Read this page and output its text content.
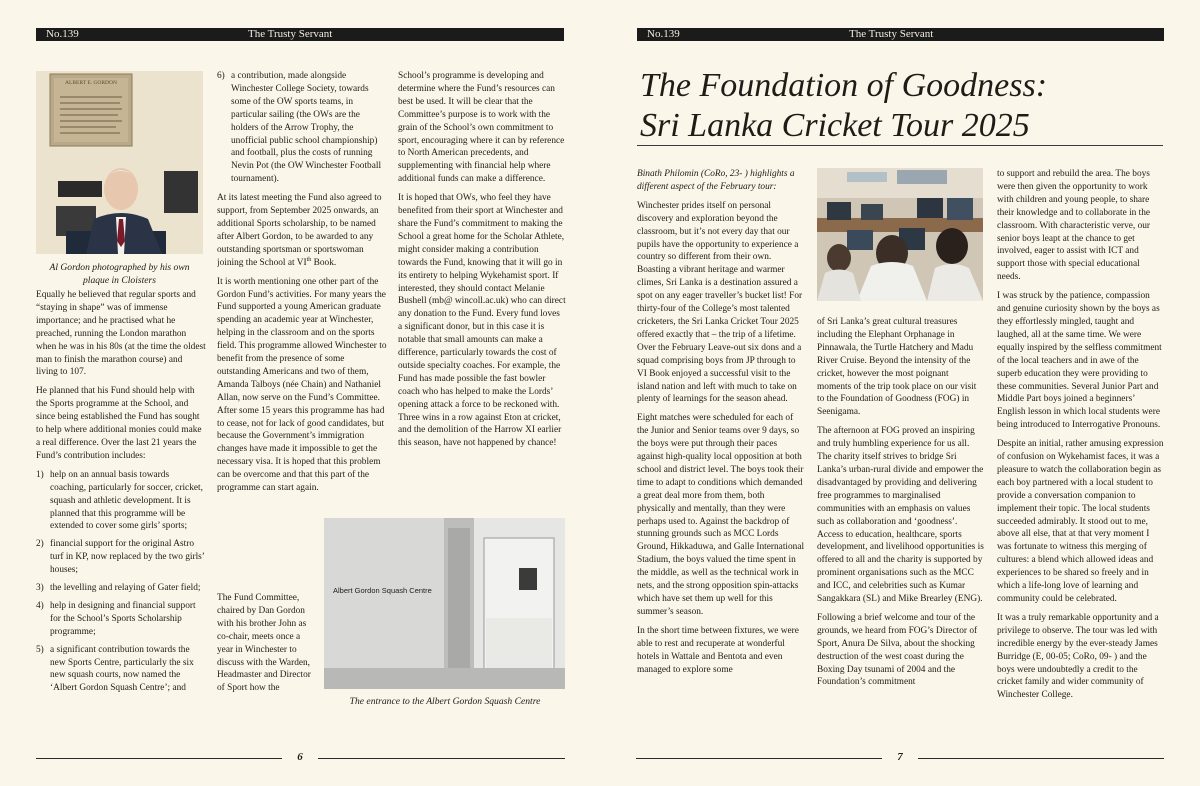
No.139	The Trusty Servant
Al Gordon photographed by his own
plaque in Cloisters
ALBERT E. GORDON

Equally he believed that regular sports and “staying in shape” was of immense importance; and he practised what he preached, running the London marathon when he was in his 80s (at the time the oldest man to finish the marathon course) and living to 107.

He planned that his Fund should help with the Sports programme at the School, and since being established the Fund has sought to help where additional monies could make a real difference. Over the last 21 years the Fund’s contribution includes:

1) help on an annual basis towards coaching, particularly for soccer, cricket, squash and athletic development. It is planned that this programme will be extended to cover some girls’ sports;
2) financial support for the original Astro turf in KP, now replaced by the two girls’ houses;
3) the levelling and relaying of Gater field;
4) help in designing and financial support for the School’s Sports Scholarship programme;
5) a significant contribution towards the new Sports Centre, particularly the six new squash courts, now named the ‘Albert Gordon Squash Centre’; and
6) a contribution, made alongside Winchester College Society, towards some of the OW sports teams, in particular sailing (the OWs are the holders of the Arrow Trophy, the unofficial public school championship) and football, plus the costs of running Nevin Pot (the OW Winchester Football tournament).

At its latest meeting the Fund also agreed to support, from September 2025 onwards, an additional Sports scholarship, to be named after Albert Gordon, to be awarded to any outstanding sportsman or sportswoman joining the School at VIth Book.

It is worth mentioning one other part of the Gordon Fund’s activities. For many years the Fund supported a young American graduate spending an academic year at Winchester, helping in the classroom and on the sports field. This programme allowed Winchester to benefit from the presence of some outstanding Americans and two of them, Amanda Talboys (née Chain) and Nathaniel Allan, now serve on the Fund’s Committee. After some 15 years this programme has had to cease, not for lack of good candidates, but because the Government’s immigration changes have made it impossible to get the necessary visa. It is hoped that this problem can be overcome and that this part of the programme can start again.

The Fund Committee, chaired by Dan Gordon with his brother John as co-chair, meets once a year in Winchester to discuss with the Warden, Headmaster and Director of Sport how the

School’s programme is developing and determine where the Fund’s resources can best be used. It will be clear that the Committee’s purpose is to work with the grain of the School’s own commitment to sport, encouraging where it can by reference to North American precedents, and supplementing with financial help where additional funds can make a difference.

It is hoped that OWs, who feel they have benefited from their sport at Winchester and share the Fund’s commitment to making the School a great home for the Scholar Athlete, might consider making a contribution towards the Fund, knowing that it will go in its entirety to helping Wykehamist sport. If interested, they should contact Melanie Bushell (mb@ wincoll.ac.uk) who can direct any donation to the Fund. Every fund loves a significant donor, but in this case it is notable that small amounts can make a difference, particularly towards the cost of outside specialty coaches. For example, the Fund has made possible the fast bowler coach who has helped to make the Lords’ opening attack a force to be reckoned with. Three wins in a row against Eton at cricket, and the demolition of the Harrow XI earlier this season, have not happened by chance!

Albert Gordon Squash Centre
The entrance to the Albert Gordon Squash Centre
6
No.139	The Trusty Servant
The Foundation of Goodness:
Sri Lanka Cricket Tour 2025

Binath Philomin (CoRo, 23- ) highlights a different aspect of the February tour:

Winchester prides itself on personal discovery and exploration beyond the classroom, but it’s not every day that our pupils have the opportunity to experience a country so different from their own. Boasting a vibrant heritage and warmer climes, Sri Lanka is a destination assured a spot on any eager traveller’s bucket list! For thirty-four of the College’s most talented cricketers, the Sri Lanka Cricket Tour 2025 offered exactly that – the trip of a lifetime. Over the February Leave-out six dons and a squad comprising boys from JP through to VI Book enjoyed a successful visit to the island nation and left with much to take on plenty of learnings for the season ahead.

Eight matches were scheduled for each of the Junior and Senior teams over 9 days, so the boys were put through their paces against high-quality local opposition at both school and district level. The boys took their time to adapt to conditions which demanded a great deal more from them, both physically and mentally, than they were perhaps used to. Against the backdrop of stunning grounds such as MCC Lords Ground, Hikkaduwa, and Galle International Stadium, the boys valued the time spent in the middle, as well as the technical work in nets, and the strong opposition spin-attacks which have set them up well for this summer’s season.

In the short time between fixtures, we were able to rest and recuperate at wonderful hotels in Wattale and Bentota and even managed to explore some

of Sri Lanka’s great cultural treasures including the Elephant Orphanage in Pinnawala, the Turtle Hatchery and Madu River Cruise. Beyond the intensity of the cricket, however the most poignant moments of the trip took place on our visit to the Foundation of Goodness (FOG) in Seenigama.

The afternoon at FOG proved an inspiring and truly humbling experience for us all. The charity itself strives to bridge Sri Lanka’s urban-rural divide and empower the disadvantaged by providing and delivering free programmes to marginalised communities with an emphasis on values such as collaboration and ‘goodness’. Access to education, healthcare, sports development, and livelihood opportunities is offered to all and the charity is supported by prominent organisations such as the MCC and ICC, and celebrities such as Kumar Sangakkara (SL) and Mike Brearley (ENG).

Following a brief welcome and tour of the grounds, we heard from FOG’s Director of Sport, Anura De Silva, about the shocking destruction of the west coast during the Boxing Day tsunami of 2004 and the Foundation’s commitment

to support and rebuild the area. The boys were then given the opportunity to work with children and young people, to share their knowledge and to collaborate in the classroom. With characteristic verve, our senior boys leapt at the chance to get involved, eager to assist with ICT and support those with special educational needs.

I was struck by the patience, compassion and genuine curiosity shown by the boys as they effortlessly mingled, taught and laughed, all at the same time. We were equally inspired by the selfless commitment of the local teachers and in awe of the superb education they were providing to these communities. Several Junior Part and Middle Part boys joined a beginners’ English lesson in which local students were being introduced to Interrogative Pronouns.

Despite an initial, rather amusing expression of confusion on Wykehamist faces, it was a pleasure to watch the collaboration begin as each boy partnered with a local student to provide a conversation companion to implement their topic. The local students succeeded admirably. It stood out to me, above all else, that at that very moment I was fortunate to witness this merging of cultures: a blend which allowed ideas and experiences to be shared so freely and in which a life-long love of learning and community could be celebrated.

It was a truly remarkable opportunity and a privilege to observe. The tour was led with incredible energy by the ever-steady James Burridge (E, 00-05; CoRo, 09- ) and the boys were undoubtedly a credit to the cricket family and wider community of Winchester College.

7
